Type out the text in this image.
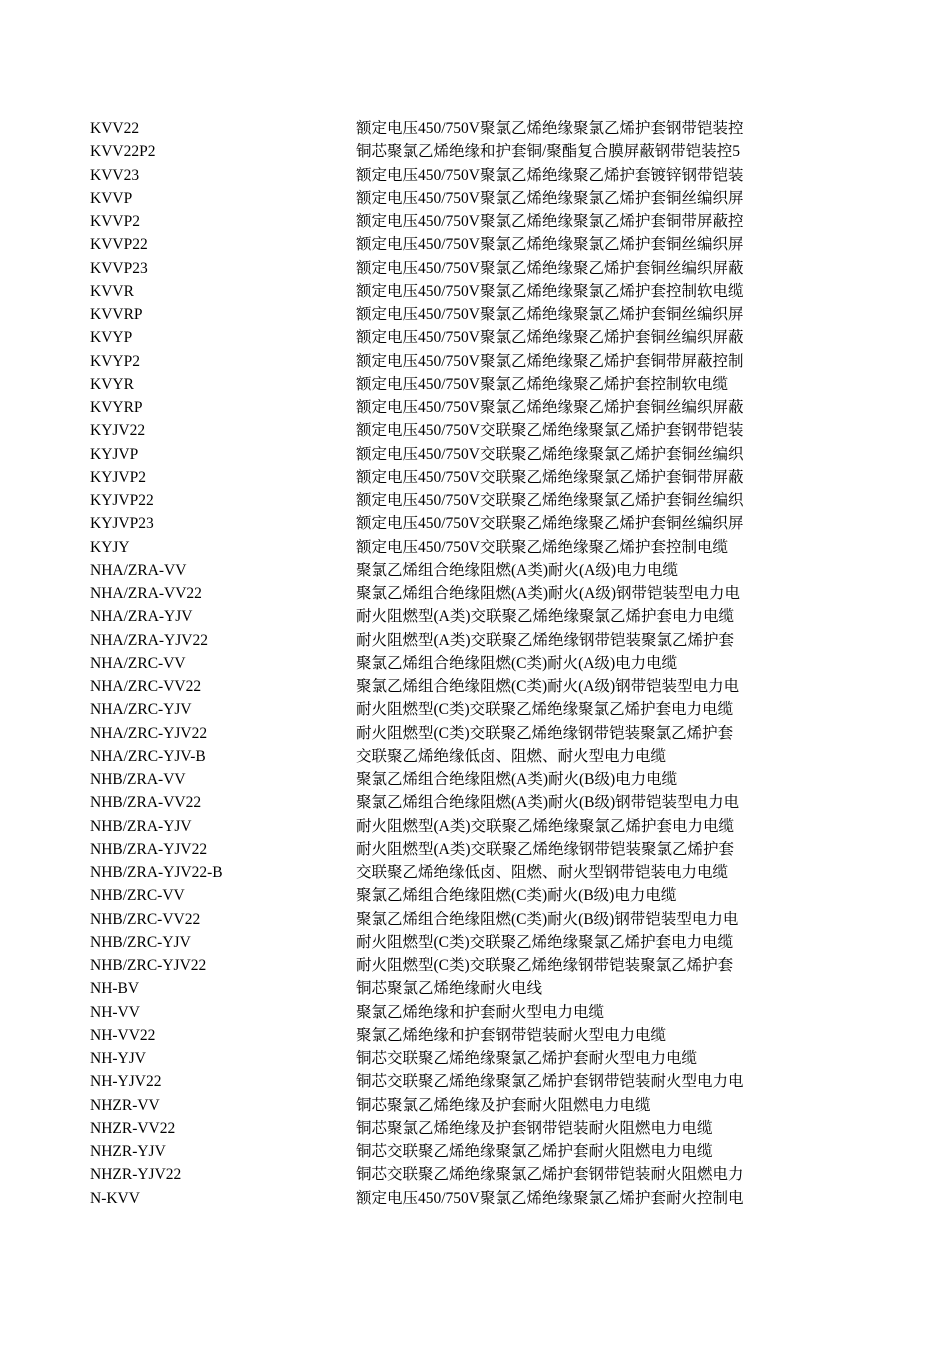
KVV22	额定电压450/750V聚氯乙烯绝缘聚氯乙烯护套钢带铠装控
KVV22P2	铜芯聚氯乙烯绝缘和护套铜/聚酯复合膜屏蔽钢带铠装控5
KVV23	额定电压450/750V聚氯乙烯绝缘聚乙烯护套镀锌钢带铠装
KVVP	额定电压450/750V聚氯乙烯绝缘聚氯乙烯护套铜丝编织屏
KVVP2	额定电压450/750V聚氯乙烯绝缘聚氯乙烯护套铜带屏蔽控
KVVP22	额定电压450/750V聚氯乙烯绝缘聚氯乙烯护套铜丝编织屏
KVVP23	额定电压450/750V聚氯乙烯绝缘聚乙烯护套铜丝编织屏蔽
KVVR	额定电压450/750V聚氯乙烯绝缘聚氯乙烯护套控制软电缆
KVVRP	额定电压450/750V聚氯乙烯绝缘聚氯乙烯护套铜丝编织屏
KVYP	额定电压450/750V聚氯乙烯绝缘聚乙烯护套铜丝编织屏蔽
KVYP2	额定电压450/750V聚氯乙烯绝缘聚乙烯护套铜带屏蔽控制
KVYR	额定电压450/750V聚氯乙烯绝缘聚乙烯护套控制软电缆
KVYRP	额定电压450/750V聚氯乙烯绝缘聚乙烯护套铜丝编织屏蔽
KYJV22	额定电压450/750V交联聚乙烯绝缘聚氯乙烯护套钢带铠装
KYJVP	额定电压450/750V交联聚乙烯绝缘聚氯乙烯护套铜丝编织
KYJVP2	额定电压450/750V交联聚乙烯绝缘聚氯乙烯护套铜带屏蔽
KYJVP22	额定电压450/750V交联聚乙烯绝缘聚氯乙烯护套铜丝编织
KYJVP23	额定电压450/750V交联聚乙烯绝缘聚乙烯护套铜丝编织屏
KYJY	额定电压450/750V交联聚乙烯绝缘聚乙烯护套控制电缆
NHA/ZRA-VV	聚氯乙烯组合绝缘阻燃(A类)耐火(A级)电力电缆
NHA/ZRA-VV22	聚氯乙烯组合绝缘阻燃(A类)耐火(A级)钢带铠装型电力电
NHA/ZRA-YJV	耐火阻燃型(A类)交联聚乙烯绝缘聚氯乙烯护套电力电缆
NHA/ZRA-YJV22	耐火阻燃型(A类)交联聚乙烯绝缘钢带铠装聚氯乙烯护套
NHA/ZRC-VV	聚氯乙烯组合绝缘阻燃(C类)耐火(A级)电力电缆
NHA/ZRC-VV22	聚氯乙烯组合绝缘阻燃(C类)耐火(A级)钢带铠装型电力电
NHA/ZRC-YJV	耐火阻燃型(C类)交联聚乙烯绝缘聚氯乙烯护套电力电缆
NHA/ZRC-YJV22	耐火阻燃型(C类)交联聚乙烯绝缘钢带铠装聚氯乙烯护套
NHA/ZRC-YJV-B	交联聚乙烯绝缘低卤、阻燃、耐火型电力电缆
NHB/ZRA-VV	聚氯乙烯组合绝缘阻燃(A类)耐火(B级)电力电缆
NHB/ZRA-VV22	聚氯乙烯组合绝缘阻燃(A类)耐火(B级)钢带铠装型电力电
NHB/ZRA-YJV	耐火阻燃型(A类)交联聚乙烯绝缘聚氯乙烯护套电力电缆
NHB/ZRA-YJV22	耐火阻燃型(A类)交联聚乙烯绝缘钢带铠装聚氯乙烯护套
NHB/ZRA-YJV22-B	交联聚乙烯绝缘低卤、阻燃、耐火型钢带铠装电力电缆
NHB/ZRC-VV	聚氯乙烯组合绝缘阻燃(C类)耐火(B级)电力电缆
NHB/ZRC-VV22	聚氯乙烯组合绝缘阻燃(C类)耐火(B级)钢带铠装型电力电
NHB/ZRC-YJV	耐火阻燃型(C类)交联聚乙烯绝缘聚氯乙烯护套电力电缆
NHB/ZRC-YJV22	耐火阻燃型(C类)交联聚乙烯绝缘钢带铠装聚氯乙烯护套
NH-BV	铜芯聚氯乙烯绝缘耐火电线
NH-VV	聚氯乙烯绝缘和护套耐火型电力电缆
NH-VV22	聚氯乙烯绝缘和护套钢带铠装耐火型电力电缆
NH-YJV	铜芯交联聚乙烯绝缘聚氯乙烯护套耐火型电力电缆
NH-YJV22	铜芯交联聚乙烯绝缘聚氯乙烯护套钢带铠装耐火型电力电
NHZR-VV	铜芯聚氯乙烯绝缘及护套耐火阻燃电力电缆
NHZR-VV22	铜芯聚氯乙烯绝缘及护套钢带铠装耐火阻燃电力电缆
NHZR-YJV	铜芯交联聚乙烯绝缘聚氯乙烯护套耐火阻燃电力电缆
NHZR-YJV22	铜芯交联聚乙烯绝缘聚氯乙烯护套钢带铠装耐火阻燃电力
N-KVV	额定电压450/750V聚氯乙烯绝缘聚氯乙烯护套耐火控制电
